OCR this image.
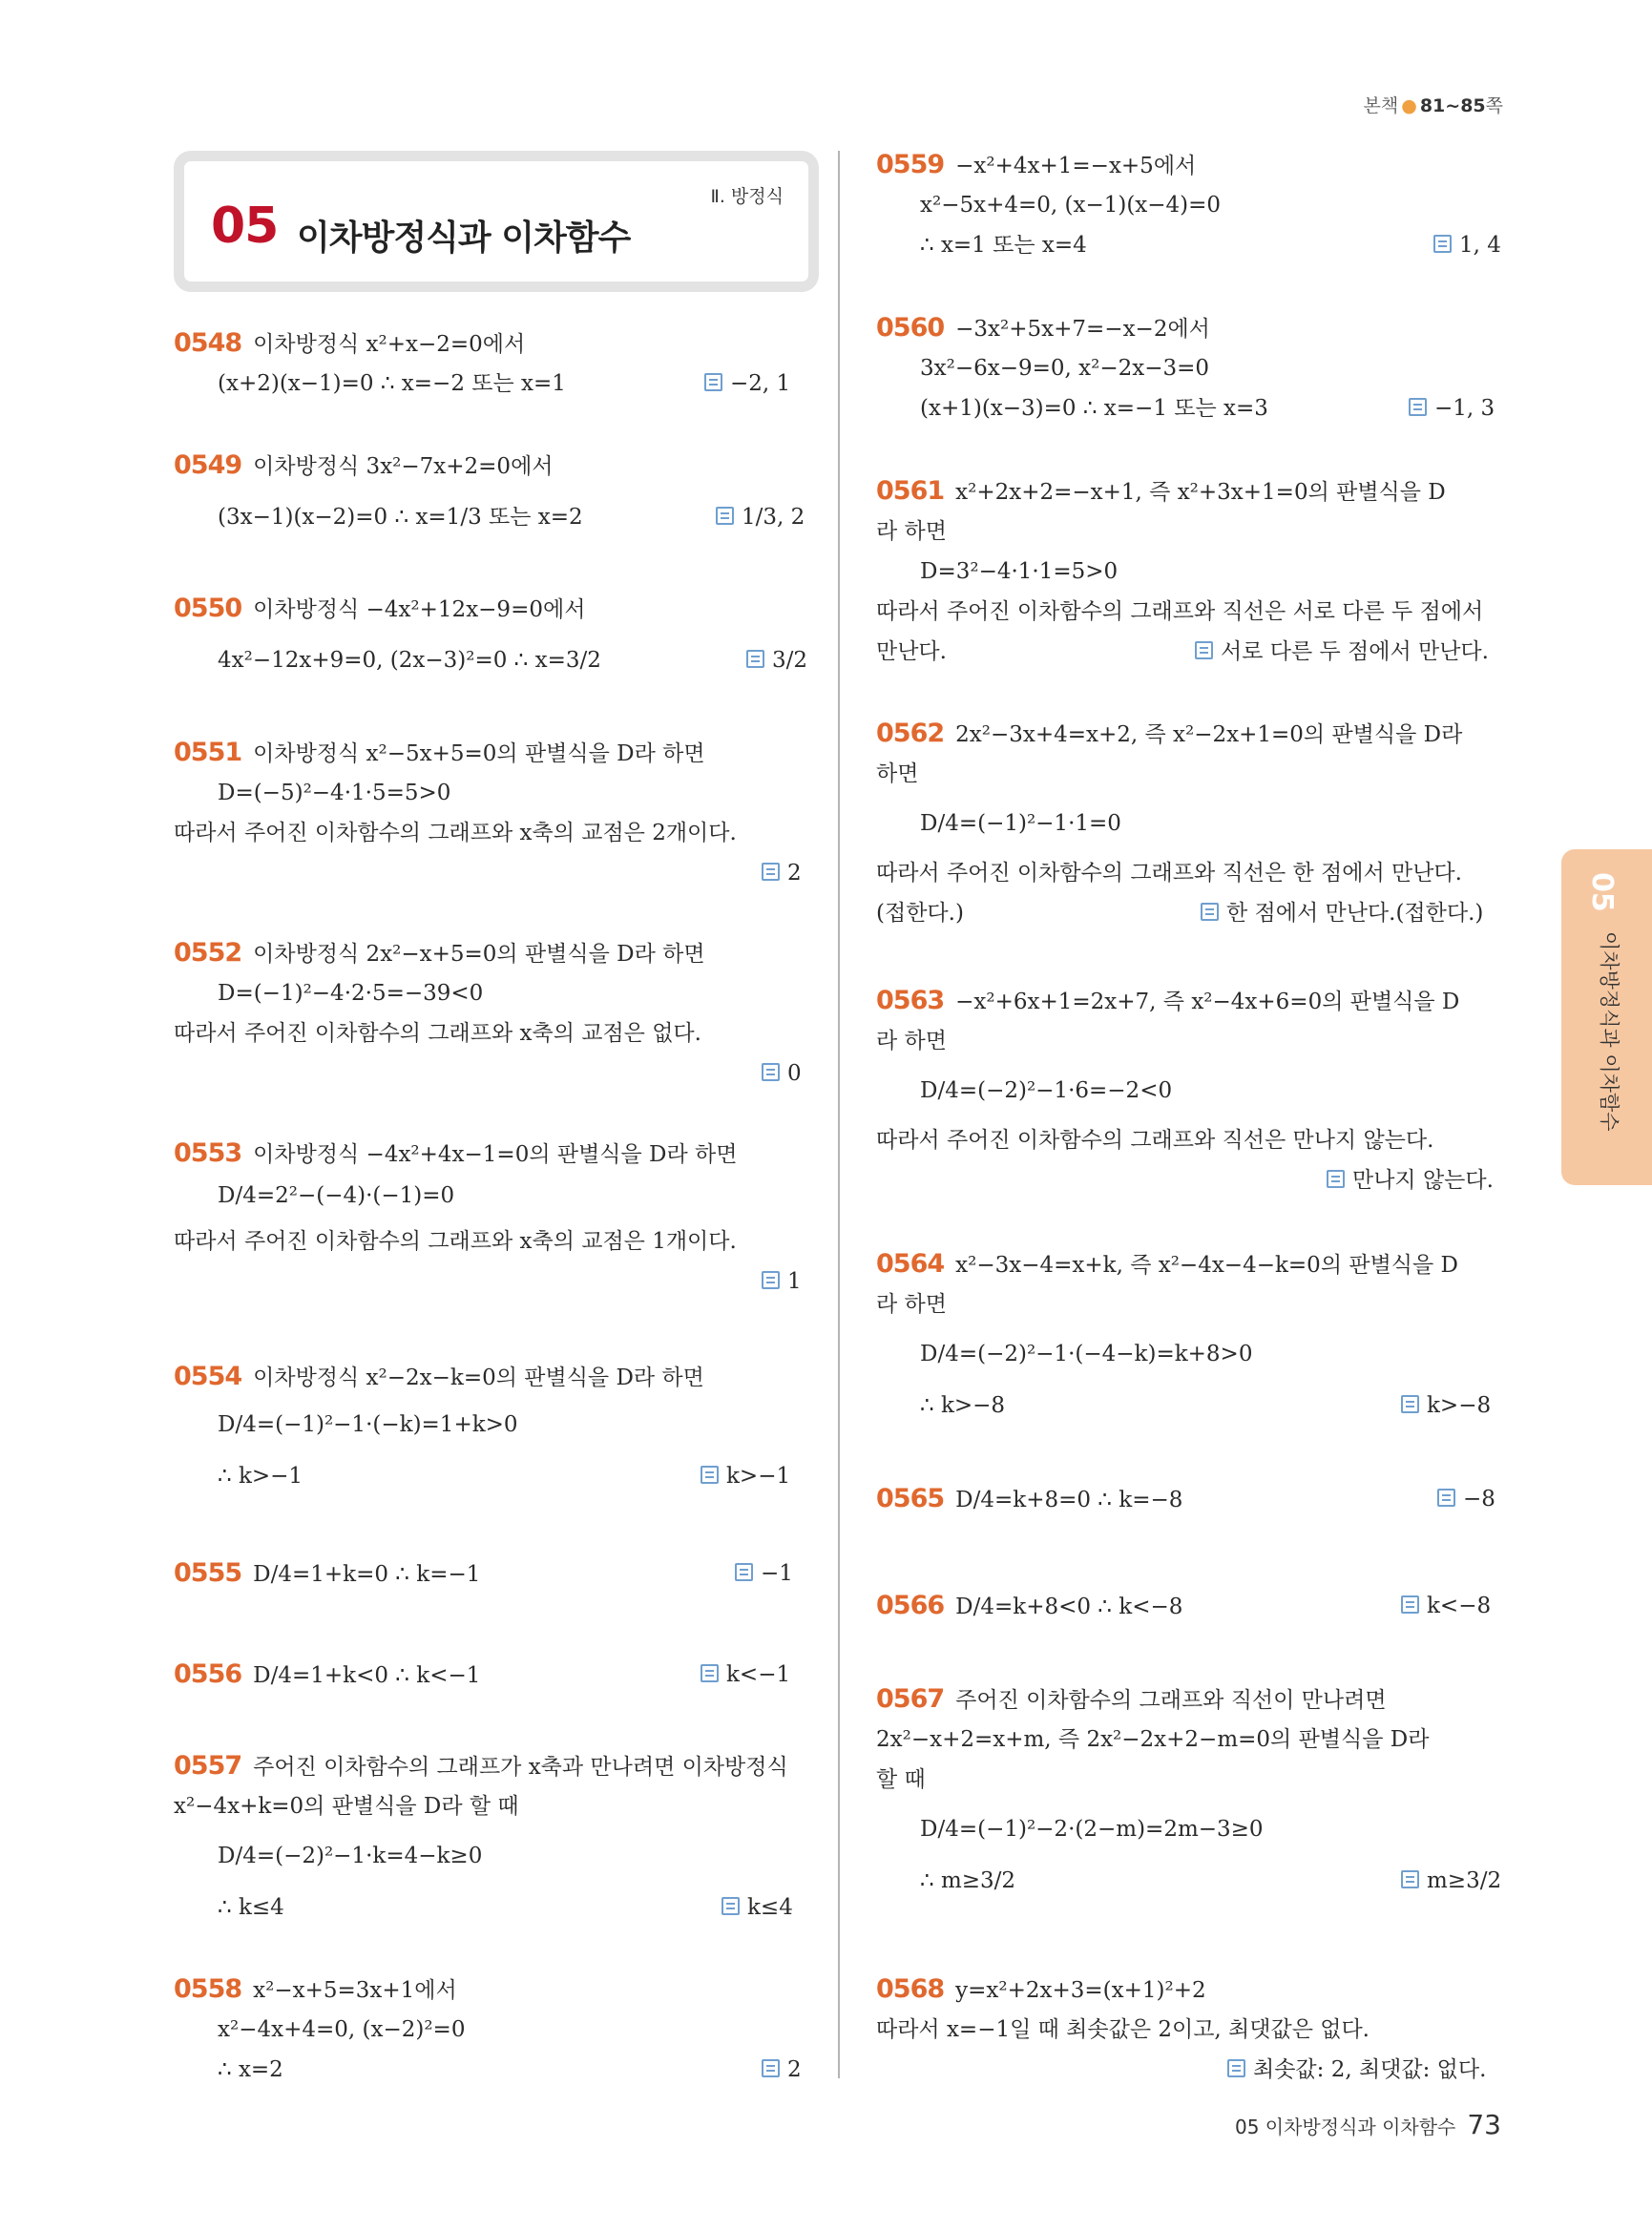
본책 ● 81~85쪽
Ⅱ. 방정식
05 이차방정식과 이차함수
0548 이차방정식 x²+x−2=0에서
(x+2)(x−1)=0 ∴ x=−2 또는 x=1	−2, 1
0549 이차방정식 3x²−7x+2=0에서
(3x−1)(x−2)=0 ∴ x=1/3 또는 x=2	1/3, 2
0550 이차방정식 −4x²+12x−9=0에서
4x²−12x+9=0, (2x−3)²=0 ∴ x=3/2	3/2
0551 이차방정식 x²−5x+5=0의 판별식을 D라 하면
D=(−5)²−4·1·5=5>0
따라서 주어진 이차함수의 그래프와 x축의 교점은 2개이다.
2
0552 이차방정식 2x²−x+5=0의 판별식을 D라 하면
D=(−1)²−4·2·5=−39<0
따라서 주어진 이차함수의 그래프와 x축의 교점은 없다.
0
0553 이차방정식 −4x²+4x−1=0의 판별식을 D라 하면
D/4=2²−(−4)·(−1)=0
따라서 주어진 이차함수의 그래프와 x축의 교점은 1개이다.
1
0554 이차방정식 x²−2x−k=0의 판별식을 D라 하면
D/4=(−1)²−1·(−k)=1+k>0
∴ k>−1	k>−1
0555 D/4=1+k=0 ∴ k=−1	−1
0556 D/4=1+k<0 ∴ k<−1	k<−1
0557 주어진 이차함수의 그래프가 x축과 만나려면 이차방정식
x²−4x+k=0의 판별식을 D라 할 때
D/4=(−2)²−1·k=4−k≥0
∴ k≤4	k≤4
0558 x²−x+5=3x+1에서
x²−4x+4=0, (x−2)²=0
∴ x=2	2
0559 −x²+4x+1=−x+5에서
x²−5x+4=0, (x−1)(x−4)=0
∴ x=1 또는 x=4	1, 4
0560 −3x²+5x+7=−x−2에서
3x²−6x−9=0, x²−2x−3=0
(x+1)(x−3)=0 ∴ x=−1 또는 x=3	−1, 3
0561 x²+2x+2=−x+1, 즉 x²+3x+1=0의 판별식을 D
라 하면
D=3²−4·1·1=5>0
따라서 주어진 이차함수의 그래프와 직선은 서로 다른 두 점에서
만난다.	서로 다른 두 점에서 만난다.
0562 2x²−3x+4=x+2, 즉 x²−2x+1=0의 판별식을 D라
하면
D/4=(−1)²−1·1=0
따라서 주어진 이차함수의 그래프와 직선은 한 점에서 만난다.
(접한다.)	한 점에서 만난다.(접한다.)
0563 −x²+6x+1=2x+7, 즉 x²−4x+6=0의 판별식을 D
라 하면
D/4=(−2)²−1·6=−2<0
따라서 주어진 이차함수의 그래프와 직선은 만나지 않는다.
만나지 않는다.
0564 x²−3x−4=x+k, 즉 x²−4x−4−k=0의 판별식을 D
라 하면
D/4=(−2)²−1·(−4−k)=k+8>0
∴ k>−8	k>−8
0565 D/4=k+8=0 ∴ k=−8	−8
0566 D/4=k+8<0 ∴ k<−8	k<−8
0567 주어진 이차함수의 그래프와 직선이 만나려면
2x²−x+2=x+m, 즉 2x²−2x+2−m=0의 판별식을 D라
할 때
D/4=(−1)²−2·(2−m)=2m−3≥0
∴ m≥3/2	m≥3/2
0568 y=x²+2x+3=(x+1)²+2
따라서 x=−1일 때 최솟값은 2이고, 최댓값은 없다.
최솟값: 2, 최댓값: 없다.
05
이차방정식과 이차함수
05 이차방정식과 이차함수 73
